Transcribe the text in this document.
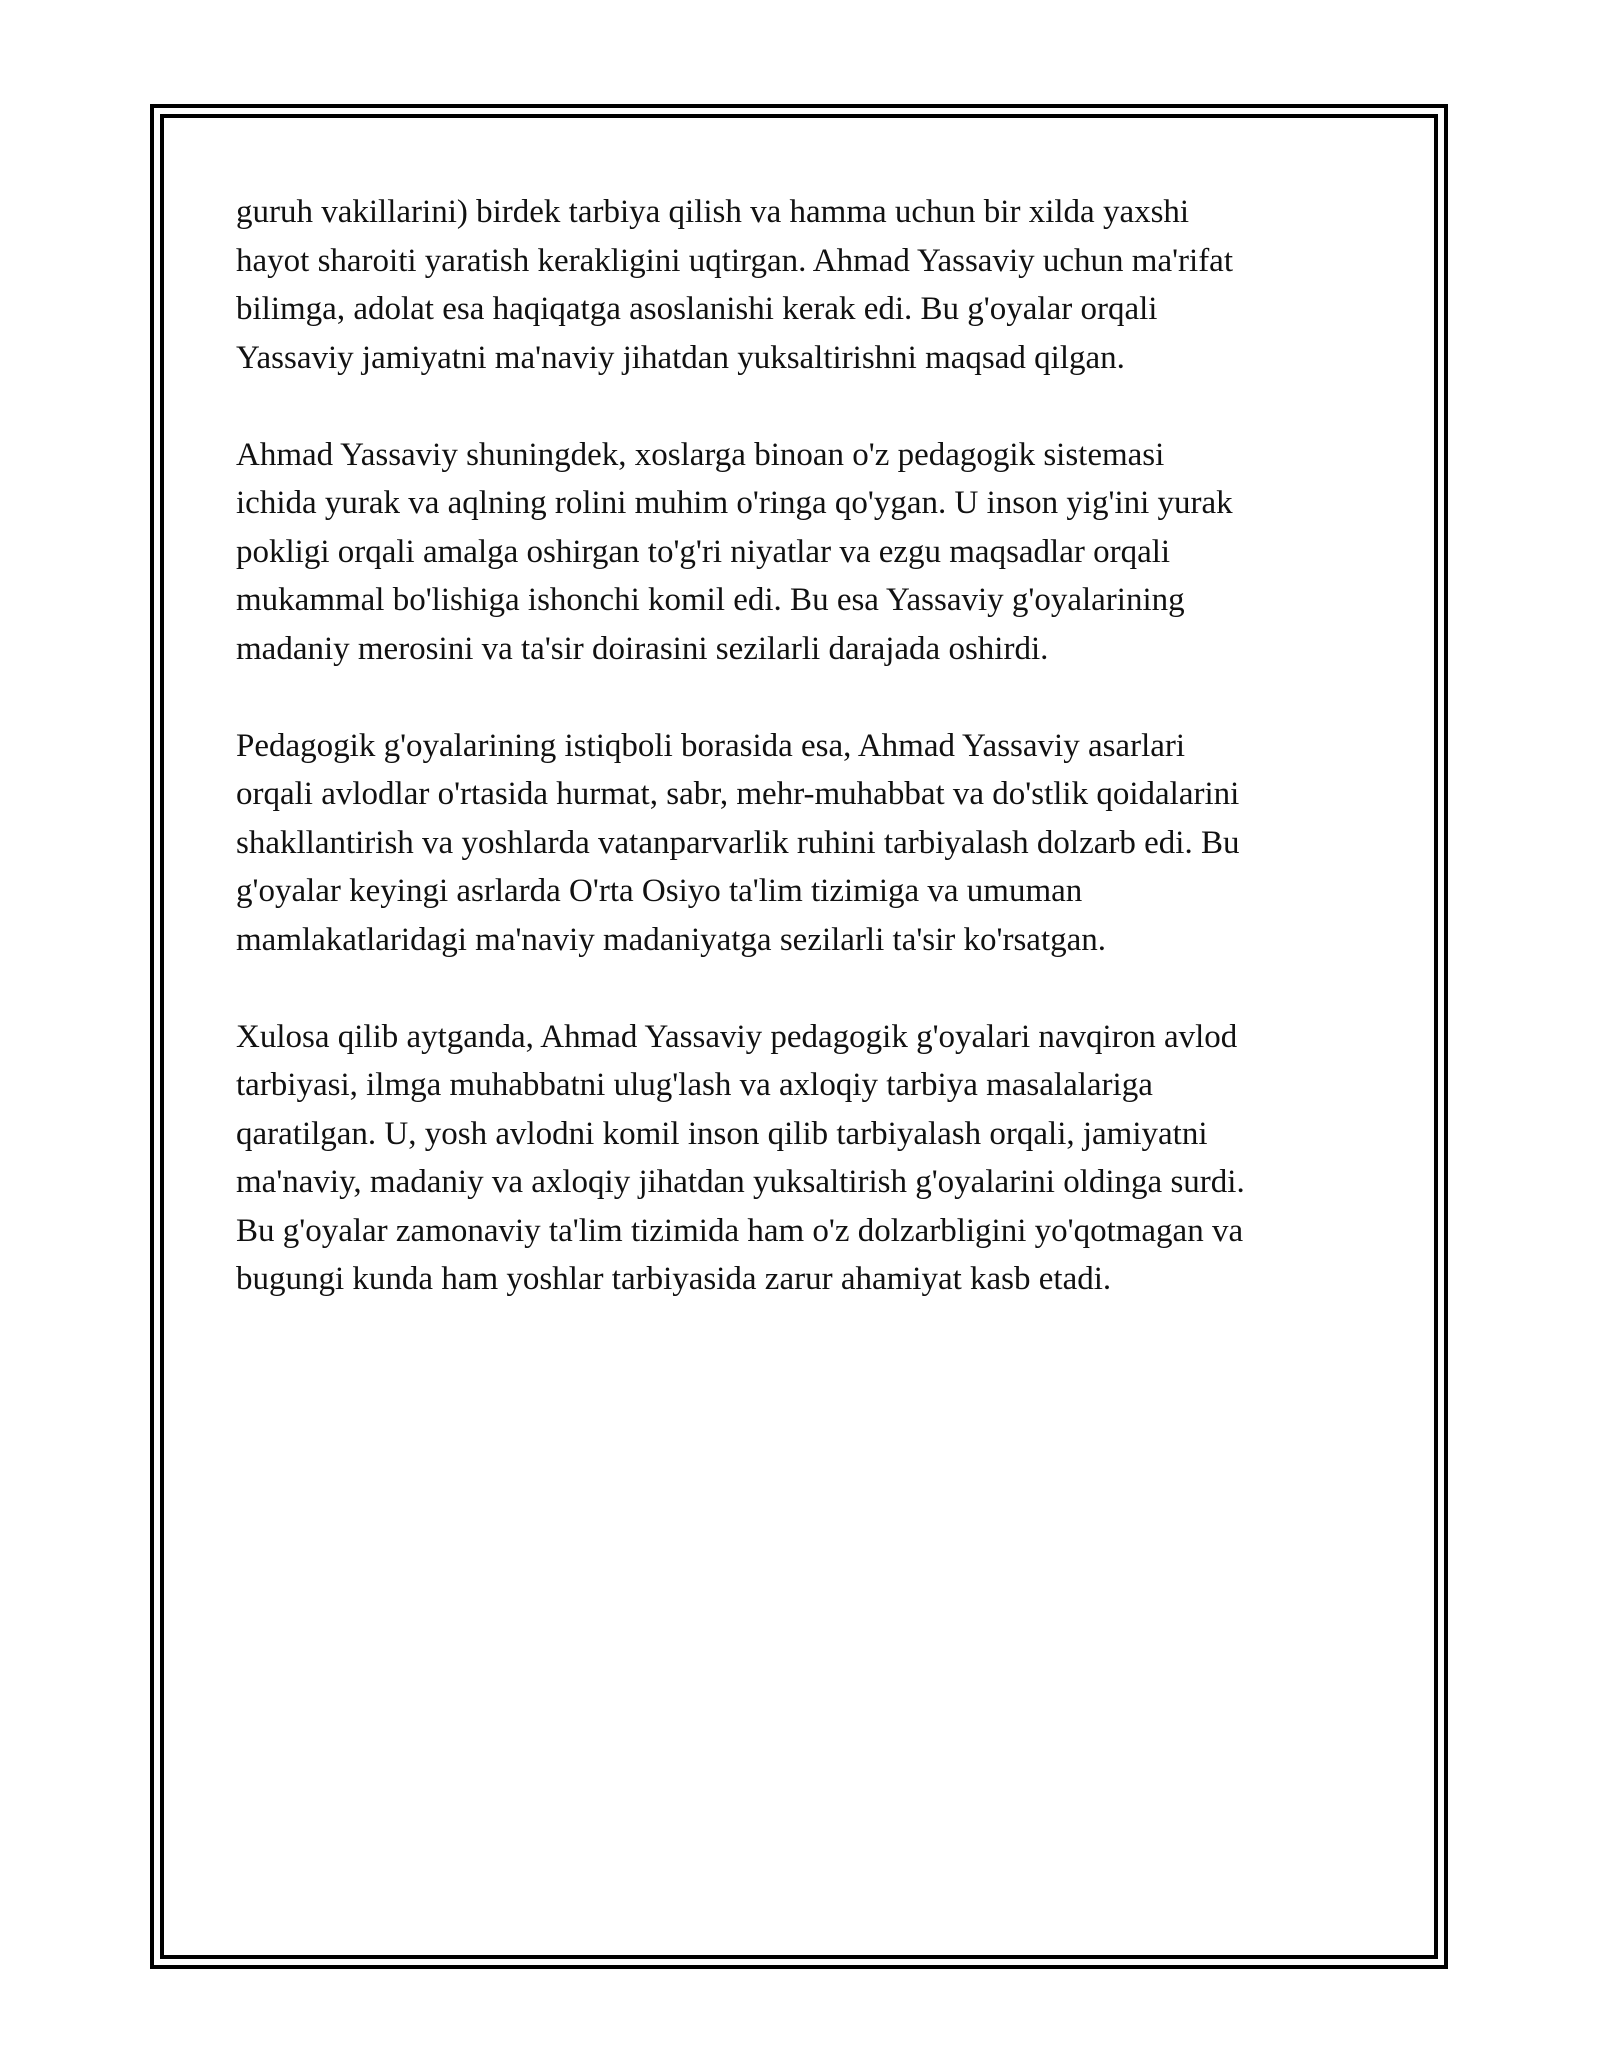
guruh vakillarini) birdek tarbiya qilish va hamma uchun bir xilda yaxshi
hayot sharoiti yaratish kerakligini uqtirgan. Ahmad Yassaviy uchun ma'rifat
bilimga, adolat esa haqiqatga asoslanishi kerak edi. Bu g'oyalar orqali
Yassaviy jamiyatni ma'naviy jihatdan yuksaltirishni maqsad qilgan.

Ahmad Yassaviy shuningdek, xoslarga binoan o'z pedagogik sistemasi
ichida yurak va aqlning rolini muhim o'ringa qo'ygan. U inson yig'ini yurak
pokligi orqali amalga oshirgan to'g'ri niyatlar va ezgu maqsadlar orqali
mukammal bo'lishiga ishonchi komil edi. Bu esa Yassaviy g'oyalarining
madaniy merosini va ta'sir doirasini sezilarli darajada oshirdi.

Pedagogik g'oyalarining istiqboli borasida esa, Ahmad Yassaviy asarlari
orqali avlodlar o'rtasida hurmat, sabr, mehr-muhabbat va do'stlik qoidalarini
shakllantirish va yoshlarda vatanparvarlik ruhini tarbiyalash dolzarb edi. Bu
g'oyalar keyingi asrlarda O'rta Osiyo ta'lim tizimiga va umuman
mamlakatlaridagi ma'naviy madaniyatga sezilarli ta'sir ko'rsatgan.

Xulosa qilib aytganda, Ahmad Yassaviy pedagogik g'oyalari navqiron avlod
tarbiyasi, ilmga muhabbatni ulug'lash va axloqiy tarbiya masalalariga
qaratilgan. U, yosh avlodni komil inson qilib tarbiyalash orqali, jamiyatni
ma'naviy, madaniy va axloqiy jihatdan yuksaltirish g'oyalarini oldinga surdi.
Bu g'oyalar zamonaviy ta'lim tizimida ham o'z dolzarbligini yo'qotmagan va
bugungi kunda ham yoshlar tarbiyasida zarur ahamiyat kasb etadi.
